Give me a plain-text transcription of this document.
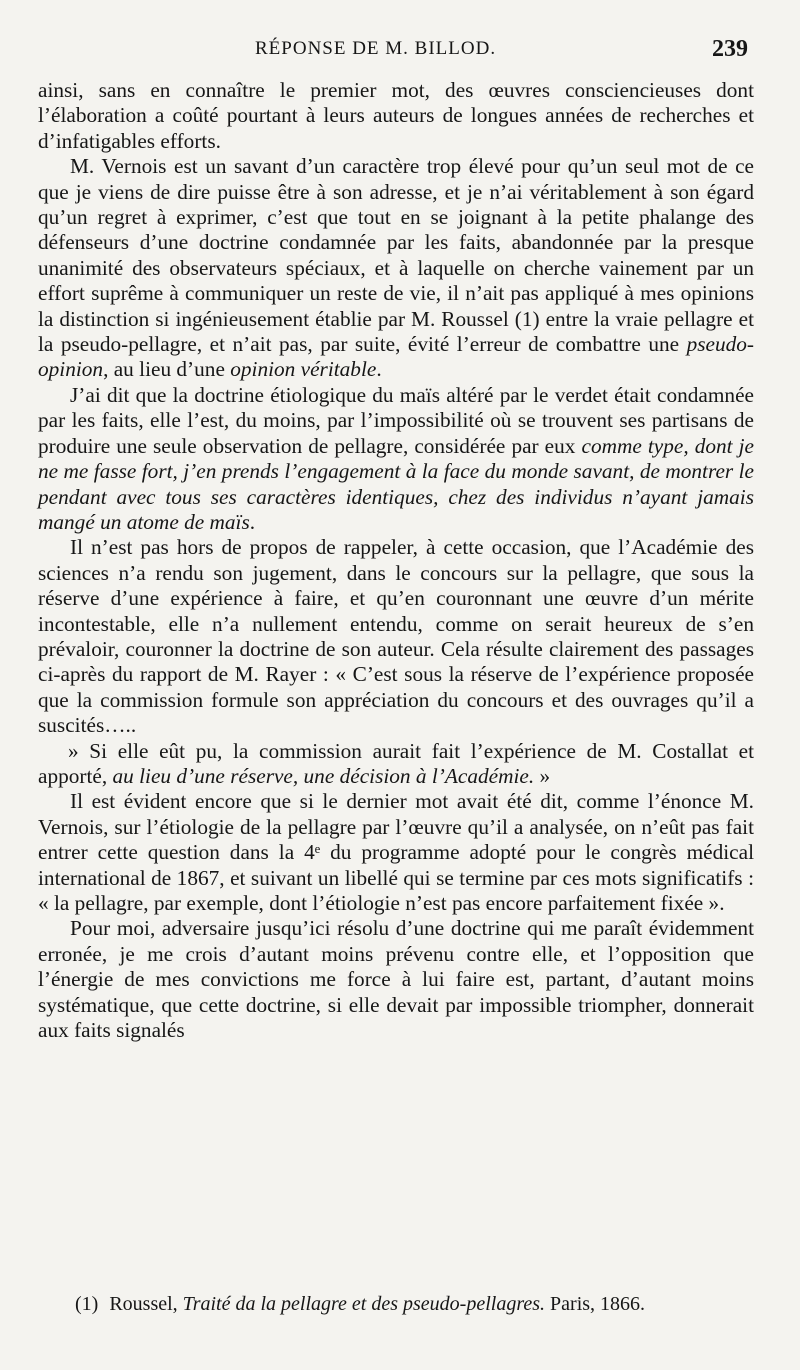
RÉPONSE DE M. BILLOD.	239

ainsi, sans en connaître le premier mot, des œuvres consciencieuses dont l’élaboration a coûté pourtant à leurs auteurs de longues années de recherches et d’infatigables efforts.

M. Vernois est un savant d’un caractère trop élevé pour qu’un seul mot de ce que je viens de dire puisse être à son adresse, et je n’ai véritablement à son égard qu’un regret à exprimer, c’est que tout en se joignant à la petite phalange des défenseurs d’une doctrine condamnée par les faits, abandonnée par la presque unanimité des observateurs spéciaux, et à laquelle on cherche vainement par un effort suprême à communiquer un reste de vie, il n’ait pas appliqué à mes opinions la distinction si ingénieusement établie par M. Roussel (1) entre la vraie pellagre et la pseudo-pellagre, et n’ait pas, par suite, évité l’erreur de combattre une pseudo-opinion, au lieu d’une opinion véritable.

J’ai dit que la doctrine étiologique du maïs altéré par le verdet était condamnée par les faits, elle l’est, du moins, par l’impossibilité où se trouvent ses partisans de produire une seule observation de pellagre, considérée par eux comme type, dont je ne me fasse fort, j’en prends l’engagement à la face du monde savant, de montrer le pendant avec tous ses caractères identiques, chez des individus n’ayant jamais mangé un atome de maïs.

Il n’est pas hors de propos de rappeler, à cette occasion, que l’Académie des sciences n’a rendu son jugement, dans le concours sur la pellagre, que sous la réserve d’une expérience à faire, et qu’en couronnant une œuvre d’un mérite incontestable, elle n’a nullement entendu, comme on serait heureux de s’en prévaloir, couronner la doctrine de son auteur. Cela résulte clairement des passages ci-après du rapport de M. Rayer : « C’est sous la réserve de l’expérience proposée que la commission formule son appréciation du concours et des ouvrages qu’il a suscités…..

» Si elle eût pu, la commission aurait fait l’expérience de M. Costallat et apporté, au lieu d’une réserve, une décision à l’Académie. »

Il est évident encore que si le dernier mot avait été dit, comme l’énonce M. Vernois, sur l’étiologie de la pellagre par l’œuvre qu’il a analysée, on n’eût pas fait entrer cette question dans la 4ᵉ du programme adopté pour le congrès médical international de 1867, et suivant un libellé qui se termine par ces mots significatifs : « la pellagre, par exemple, dont l’étiologie n’est pas encore parfaitement fixée ».

Pour moi, adversaire jusqu’ici résolu d’une doctrine qui me paraît évidemment erronée, je me crois d’autant moins prévenu contre elle, et l’opposition que l’énergie de mes convictions me force à lui faire est, partant, d’autant moins systématique, que cette doctrine, si elle devait par impossible triompher, donnerait aux faits signalés

(1) Roussel, Traité da la pellagre et des pseudo-pellagres. Paris, 1866.
